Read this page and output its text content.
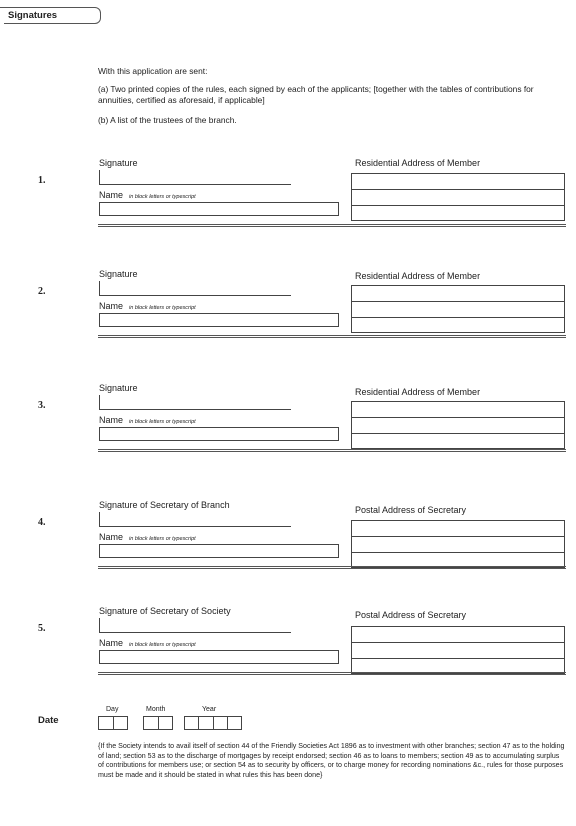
Signatures
With this application are sent:
(a) Two printed copies of the rules, each signed by each of the applicants; [together with the tables of contributions for annuities, certified as aforesaid, if applicable]
(b) A list of the trustees of the branch.
1.
Signature
Name in block letters or typescript
Residential Address of Member
2.
Signature
Name in block letters or typescript
Residential Address of Member
3.
Signature
Name in block letters or typescript
Residential Address of Member
4.
Signature of Secretary of Branch
Name in block letters or typescript
Postal Address of Secretary
5.
Signature of Secretary of Society
Name in block letters or typescript
Postal Address of Secretary
Date
Day	Month	Year
{If the Society intends to avail itself of section 44 of the Friendly Societies Act 1896 as to investment with other branches; section 47 as to the holding of land; section 53 as to the discharge of mortgages by receipt endorsed; section 46 as to loans to members; section 49 as to accumulating surplus of contributions for members use; or section 54 as to security by officers, or to charge money for recording nominations &c., rules for those purposes must be made and it should be stated in what rules this has been done}
